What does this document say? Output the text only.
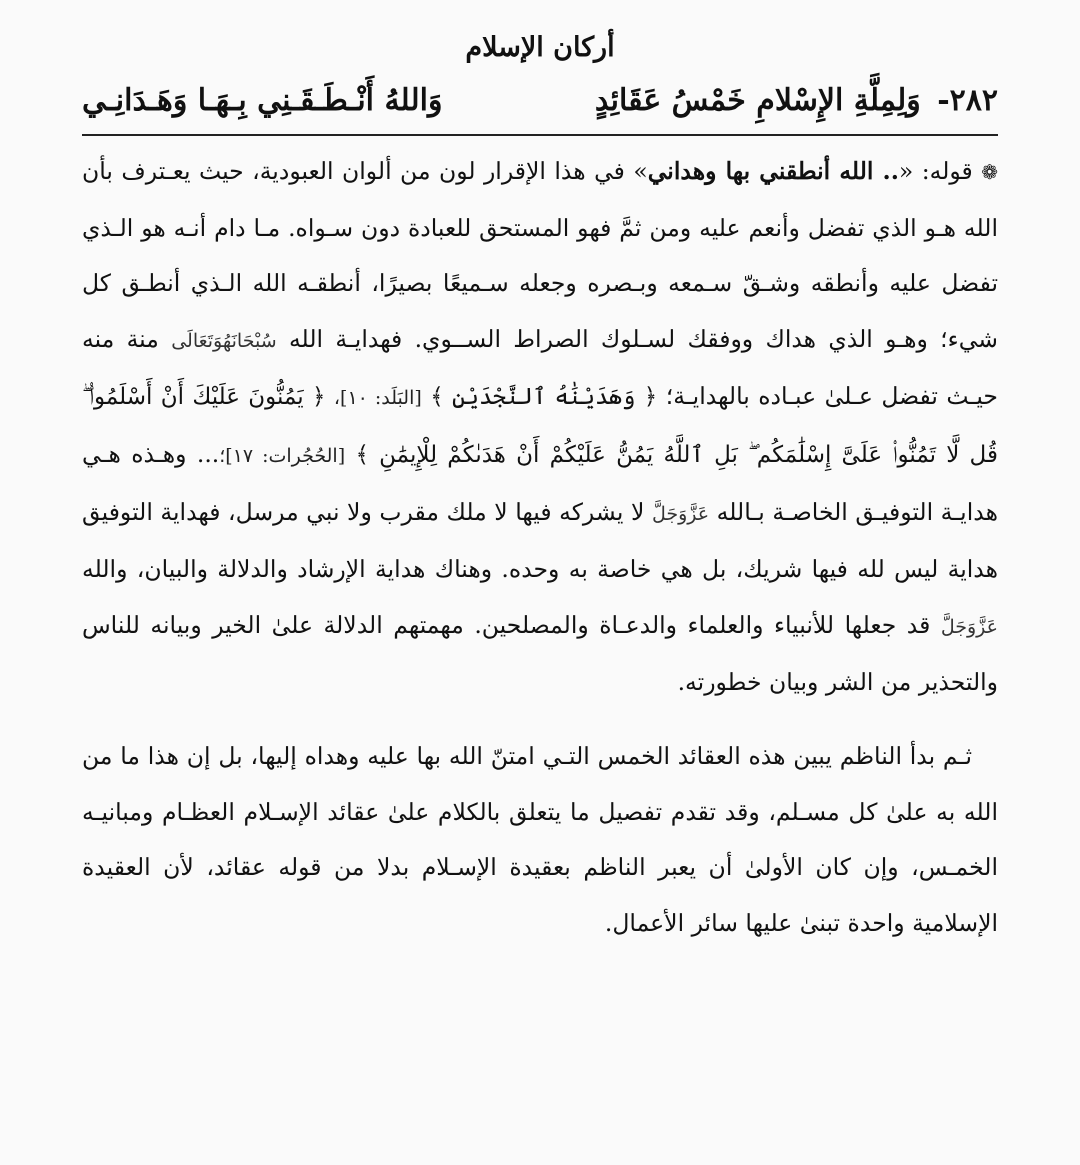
أركان الإسلام
٢٨٢- وَلِمِلَّةِ الإِسْلامِ خَمْسُ عَقَائِدٍ
وَاللهُ أَنْـطَـقَـنِي بِـهَـا وَهَـدَانِـي

❁ قوله: «.. الله أنطقني بها وهداني» في هذا الإقرار لون من ألوان العبودية، حيث يعـترف بأن الله هـو الذي تفضل وأنعم عليه ومن ثمَّ فهو المستحق للعبادة دون سـواه. مـا دام أنـه هو الـذي تفضل عليه وأنطقه وشـقّ سـمعه وبـصره وجعله سـميعًا بصيرًا، أنطقـه الله الـذي أنطـق كل شيء؛ وهـو الذي هداك ووفقك لسـلوك الصراط الســوي. فهدايـة الله سُبْحَانَهُوَتَعَالَى منة منه حيـث تفضل عـلىٰ عبـاده بالهدايـة؛ ﴿ وَهَدَيْنَٰهُ ٱلنَّجْدَيْنِ ﴾ [البَلَد: ١٠]، ﴿ يَمُنُّونَ عَلَيْكَ أَنْ أَسْلَمُوا۟ ۖ قُل لَّا تَمُنُّوا۟ عَلَىَّ إِسْلَٰمَكُم ۖ بَلِ ٱللَّهُ يَمُنُّ عَلَيْكُمْ أَنْ هَدَىٰكُمْ لِلْإِيمَٰنِ ﴾ [الحُجُرات: ١٧]؛... وهـذه هـي هدايـة التوفيـق الخاصـة بـالله عَزَّوَجَلَّ لا يشركه فيها لا ملك مقرب ولا نبي مرسل، فهداية التوفيق هداية ليس لله فيها شريك، بل هي خاصة به وحده. وهناك هداية الإرشاد والدلالة والبيان، والله عَزَّوَجَلَّ قد جعلها للأنبياء والعلماء والدعـاة والمصلحين. مهمتهم الدلالة علىٰ الخير وبيانه للناس والتحذير من الشر وبيان خطورته.

ثـم بدأ الناظم يبين هذه العقائد الخمس التـي امتنّ الله بها عليه وهداه إليها، بل إن هذا ما من الله به علىٰ كل مسـلم، وقد تقدم تفصيل ما يتعلق بالكلام علىٰ عقائد الإسـلام العظـام ومبانيـه الخمـس، وإن كان الأولىٰ أن يعبر الناظم بعقيدة الإسـلام بدلا من قوله عقائد، لأن العقيدة الإسلامية واحدة تبنىٰ عليها سائر الأعمال.
